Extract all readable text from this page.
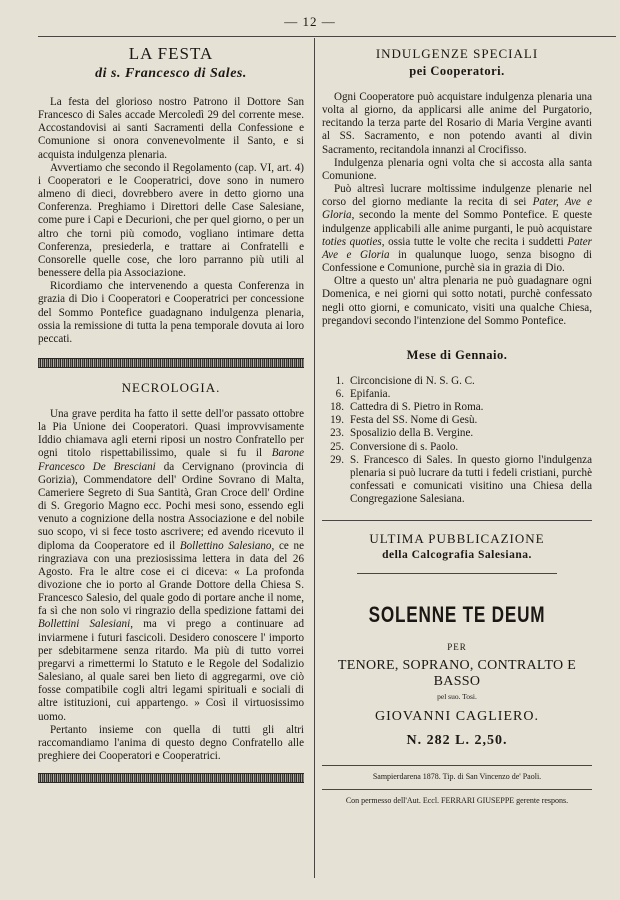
— 12 —
LA FESTA
di s. Francesco di Sales.

La festa del glorioso nostro Patrono il Dottore San Francesco di Sales accade Mercoledì 29 del corrente mese. Accostandovisi ai santi Sacramenti della Confessione e Comunione si onora convenevolmente il Santo, e si acquista indulgenza plenaria.

Avvertiamo che secondo il Regolamento (cap. VI, art. 4) i Cooperatori e le Cooperatrici, dove sono in numero almeno di dieci, dovrebbero avere in detto giorno una Conferenza. Preghiamo i Direttori delle Case Salesiane, come pure i Capi e Decurioni, che per quel giorno, o per un altro che torni più comodo, vogliano intimare detta Conferenza, presiederla, e trattare ai Confratelli e Consorelle quelle cose, che loro parranno più utili al benessere della pia Associazione.

Ricordiamo che intervenendo a questa Conferenza in grazia di Dio i Cooperatori e Cooperatrici per concessione del Sommo Pontefice guadagnano indulgenza plenaria, ossia la remissione di tutta la pena temporale dovuta ai loro peccati.

NECROLOGIA.

Una grave perdita ha fatto il sette dell'or passato ottobre la Pia Unione dei Cooperatori. Quasi improvvisamente Iddio chiamava agli eterni riposi un nostro Confratello per ogni titolo rispettabilissimo, quale si fu il Barone Francesco De Bresciani da Cervignano (provincia di Gorizia), Commendatore dell' Ordine Sovrano di Malta, Cameriere Segreto di Sua Santità, Gran Croce dell' Ordine di S. Gregorio Magno ecc. Pochi mesi sono, essendo egli venuto a cognizione della nostra Associazione e del nobile suo scopo, vi si fece tosto ascrivere; ed avendo ricevuto il diploma da Cooperatore ed il Bollettino Salesiano, ce ne ringraziava con una preziosissima lettera in data del 26 Agosto. Fra le altre cose ei ci diceva: « La profonda divozione che io porto al Grande Dottore della Chiesa S. Francesco Salesio, del quale godo di portare anche il nome, fa sì che non solo vi ringrazio della spedizione fattami dei Bollettini Salesiani, ma vi prego a continuare ad inviarmene i futuri fascicoli. Desidero conoscere l' importo per sdebitarmene senza ritardo. Ma più di tutto vorrei pregarvi a rimettermi lo Statuto e le Regole del Sodalizio Salesiano, al quale sarei ben lieto di aggregarmi, ove ciò fosse compatibile cogli altri legami spirituali e sociali di altre istituzioni, cui appartengo. » Così il virtuosissimo uomo.

Pertanto insieme con quella di tutti gli altri raccomandiamo l'anima di questo degno Confratello alle preghiere dei Cooperatori e Cooperatrici.

INDULGENZE SPECIALI
pei Cooperatori.

Ogni Cooperatore può acquistare indulgenza plenaria una volta al giorno, da applicarsi alle anime del Purgatorio, recitando la terza parte del Rosario di Maria Vergine avanti al SS. Sacramento, e non potendo avanti al divin Sacramento, recitandola innanzi al Crocifisso.

Indulgenza plenaria ogni volta che si accosta alla santa Comunione.

Può altresì lucrare moltissime indulgenze plenarie nel corso del giorno mediante la recita di sei Pater, Ave e Gloria, secondo la mente del Sommo Pontefice. E queste indulgenze applicabili alle anime purganti, le può acquistare toties quoties, ossia tutte le volte che recita i suddetti Pater Ave e Gloria in qualunque luogo, senza bisogno di Confessione e Comunione, purchè sia in grazia di Dio.

Oltre a questo un' altra plenaria ne può guadagnare ogni Domenica, e nei giorni qui sotto notati, purchè confessato negli otto giorni, e comunicato, visiti una qualche Chiesa, pregandovi secondo l'intenzione del Sommo Pontefice.

Mese di Gennaio.
1. Circoncisione di N. S. G. C.
6. Epifania.
18. Cattedra di S. Pietro in Roma.
19. Festa del SS. Nome di Gesù.
23. Sposalizio della B. Vergine.
25. Conversione di s. Paolo.
29. S. Francesco di Sales. In questo giorno l'indulgenza plenaria si può lucrare da tutti i fedeli cristiani, purchè confessati e comunicati visitino una Chiesa della Congregazione Salesiana.
ULTIMA PUBBLICAZIONE
della Calcografia Salesiana.
SOLENNE TE DEUM
PER
TENORE, SOPRANO, CONTRALTO E BASSO
pel suo. Tosi.
GIOVANNI CAGLIERO.
N. 282 L. 2,50.
Sampierdarena 1878. Tip. di San Vincenzo de' Paoli.
Con permesso dell'Aut. Eccl. FERRARI GIUSEPPE gerente respons.
